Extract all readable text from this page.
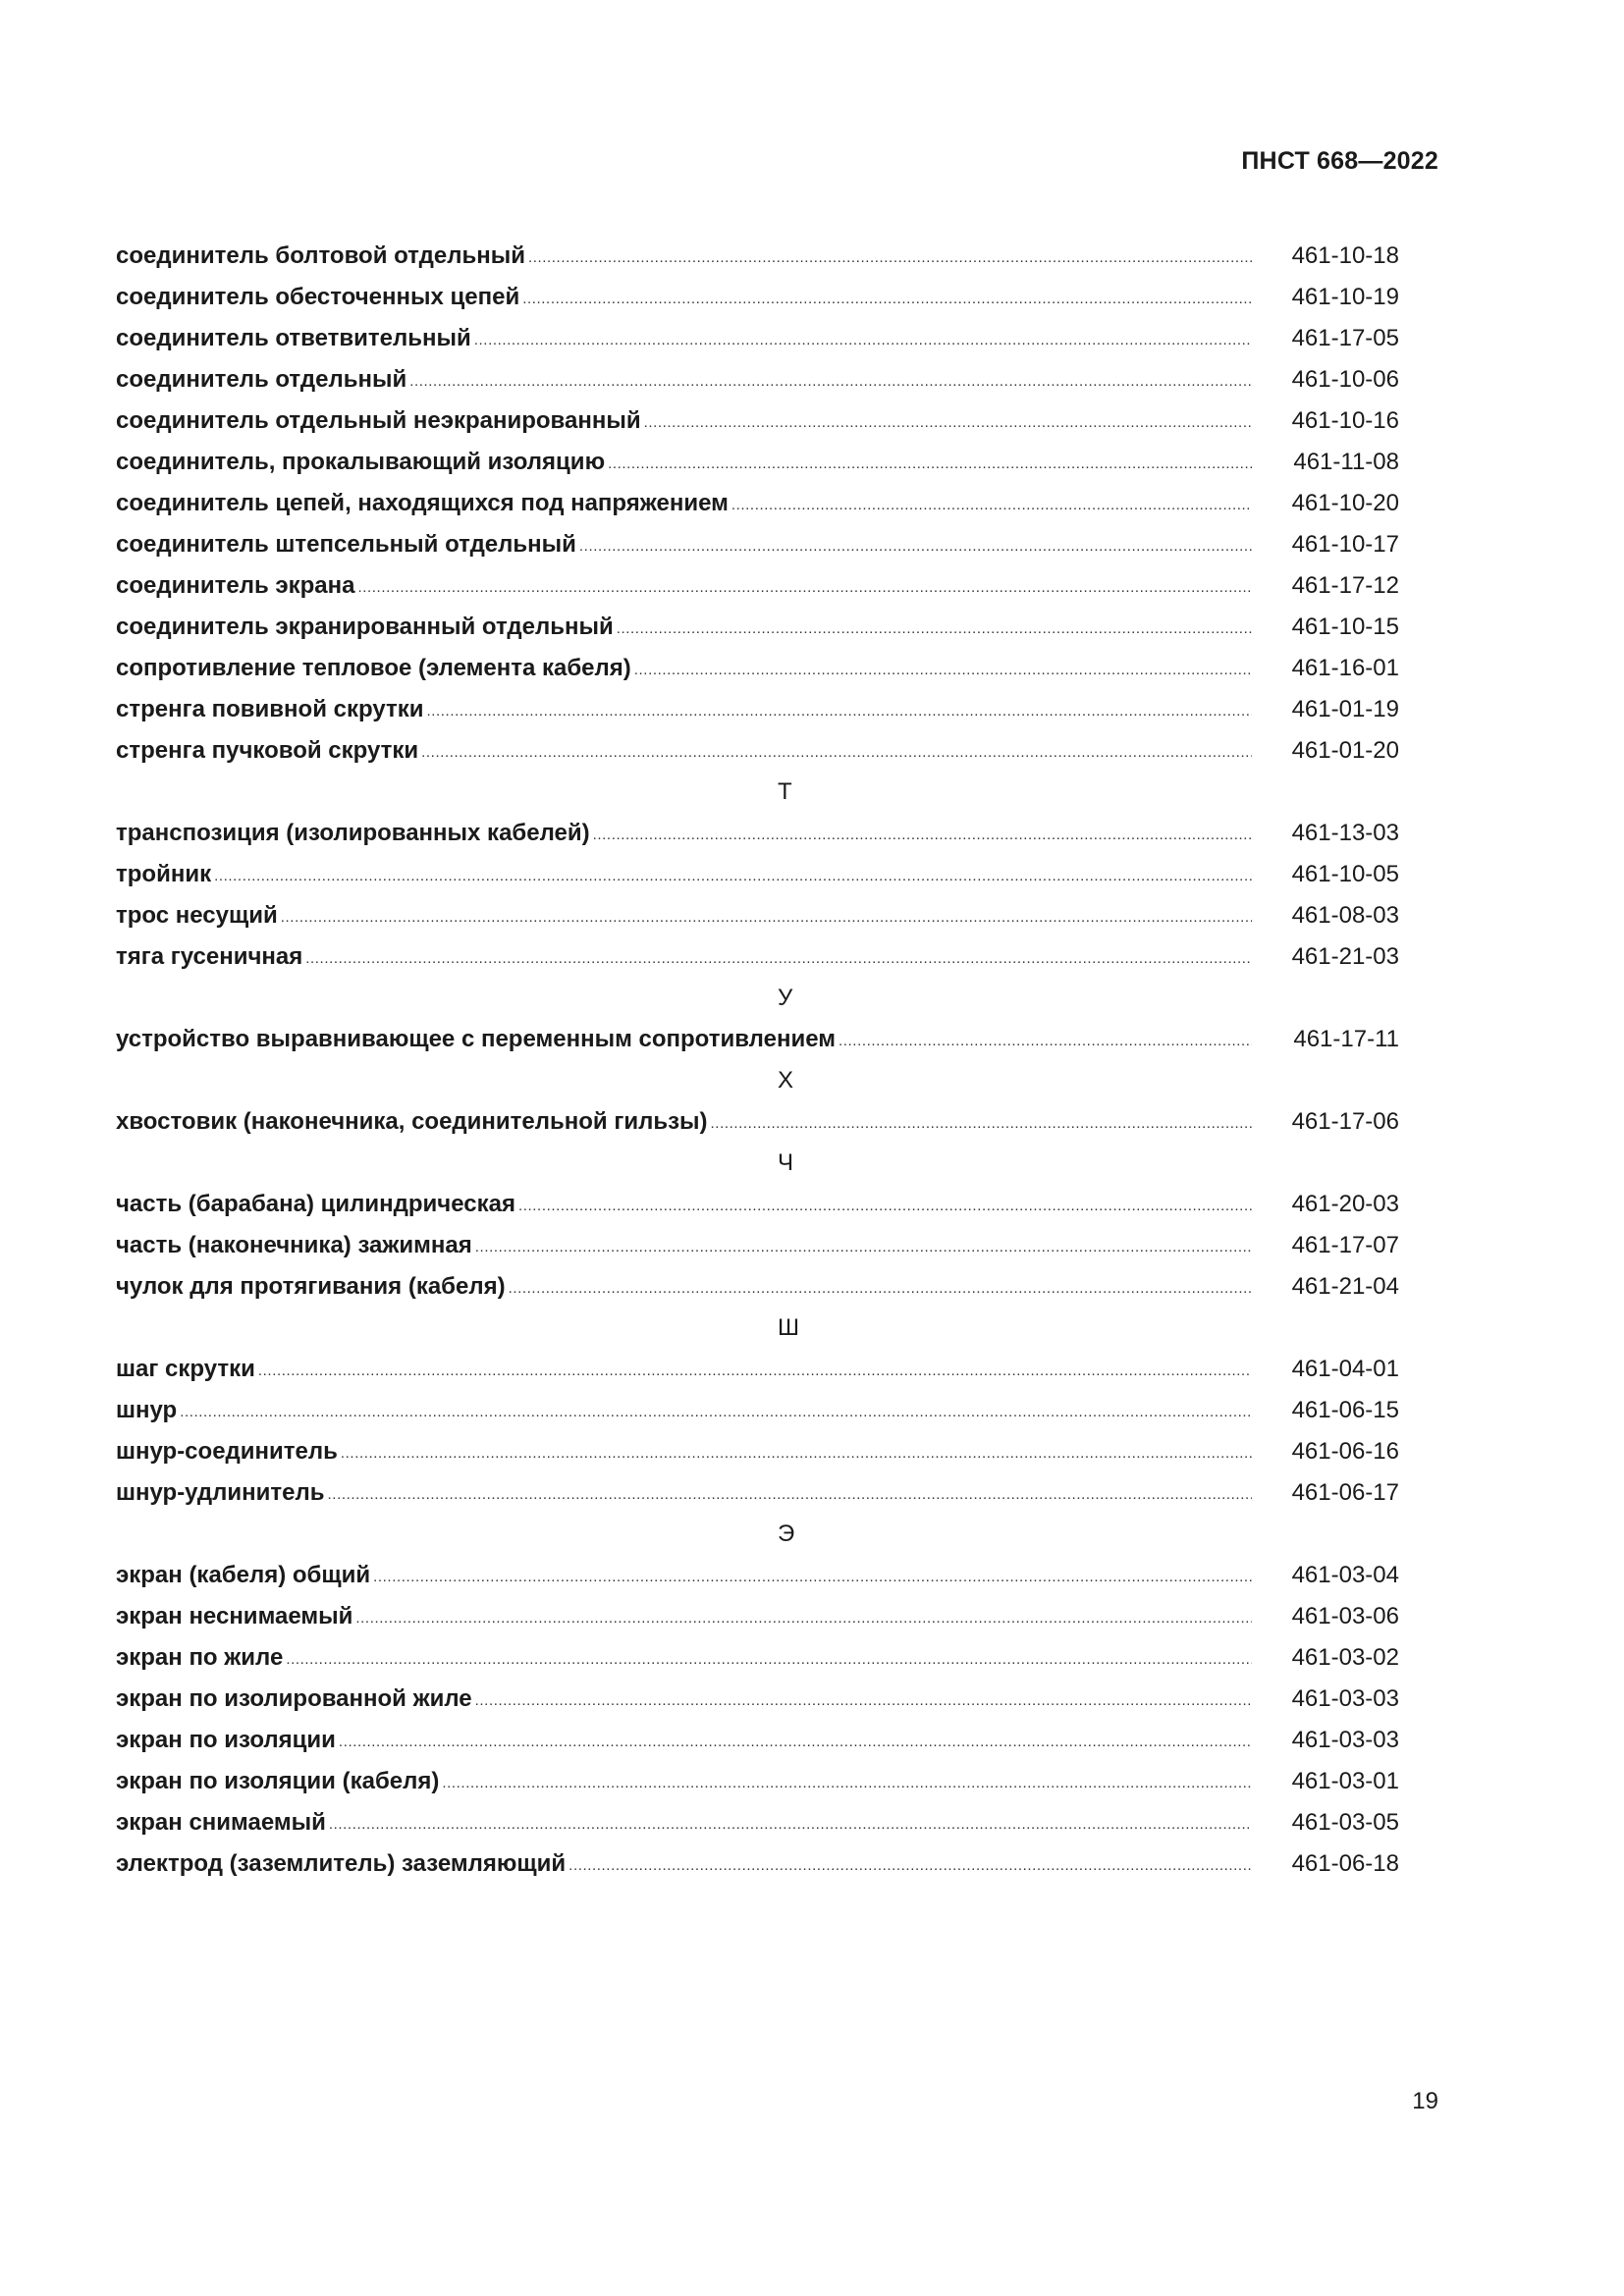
ПНСТ 668—2022
соединитель болтовой отдельный .....	461-10-18
соединитель обесточенных цепей .....	461-10-19
соединитель ответвительный .....	461-17-05
соединитель отдельный .....	461-10-06
соединитель отдельный неэкранированный .....	461-10-16
соединитель, прокалывающий изоляцию .....	461-11-08
соединитель цепей, находящихся под напряжением .....	461-10-20
соединитель штепсельный отдельный .....	461-10-17
соединитель экрана .....	461-17-12
соединитель экранированный отдельный .....	461-10-15
сопротивление тепловое (элемента кабеля) .....	461-16-01
стренга повивной скрутки .....	461-01-19
стренга пучковой скрутки .....	461-01-20
Т
транспозиция (изолированных кабелей) .....	461-13-03
тройник .....	461-10-05
трос несущий .....	461-08-03
тяга гусеничная .....	461-21-03
У
устройство выравнивающее с переменным сопротивлением .....	461-17-11
Х
хвостовик (наконечника, соединительной гильзы) .....	461-17-06
Ч
часть (барабана) цилиндрическая .....	461-20-03
часть (наконечника) зажимная .....	461-17-07
чулок для протягивания (кабеля) .....	461-21-04
Ш
шаг скрутки .....	461-04-01
шнур .....	461-06-15
шнур-соединитель .....	461-06-16
шнур-удлинитель .....	461-06-17
Э
экран (кабеля) общий .....	461-03-04
экран неснимаемый .....	461-03-06
экран по жиле .....	461-03-02
экран по изолированной жиле .....	461-03-03
экран по изоляции .....	461-03-03
экран по изоляции (кабеля) .....	461-03-01
экран снимаемый .....	461-03-05
электрод (заземлитель) заземляющий .....	461-06-18
19
